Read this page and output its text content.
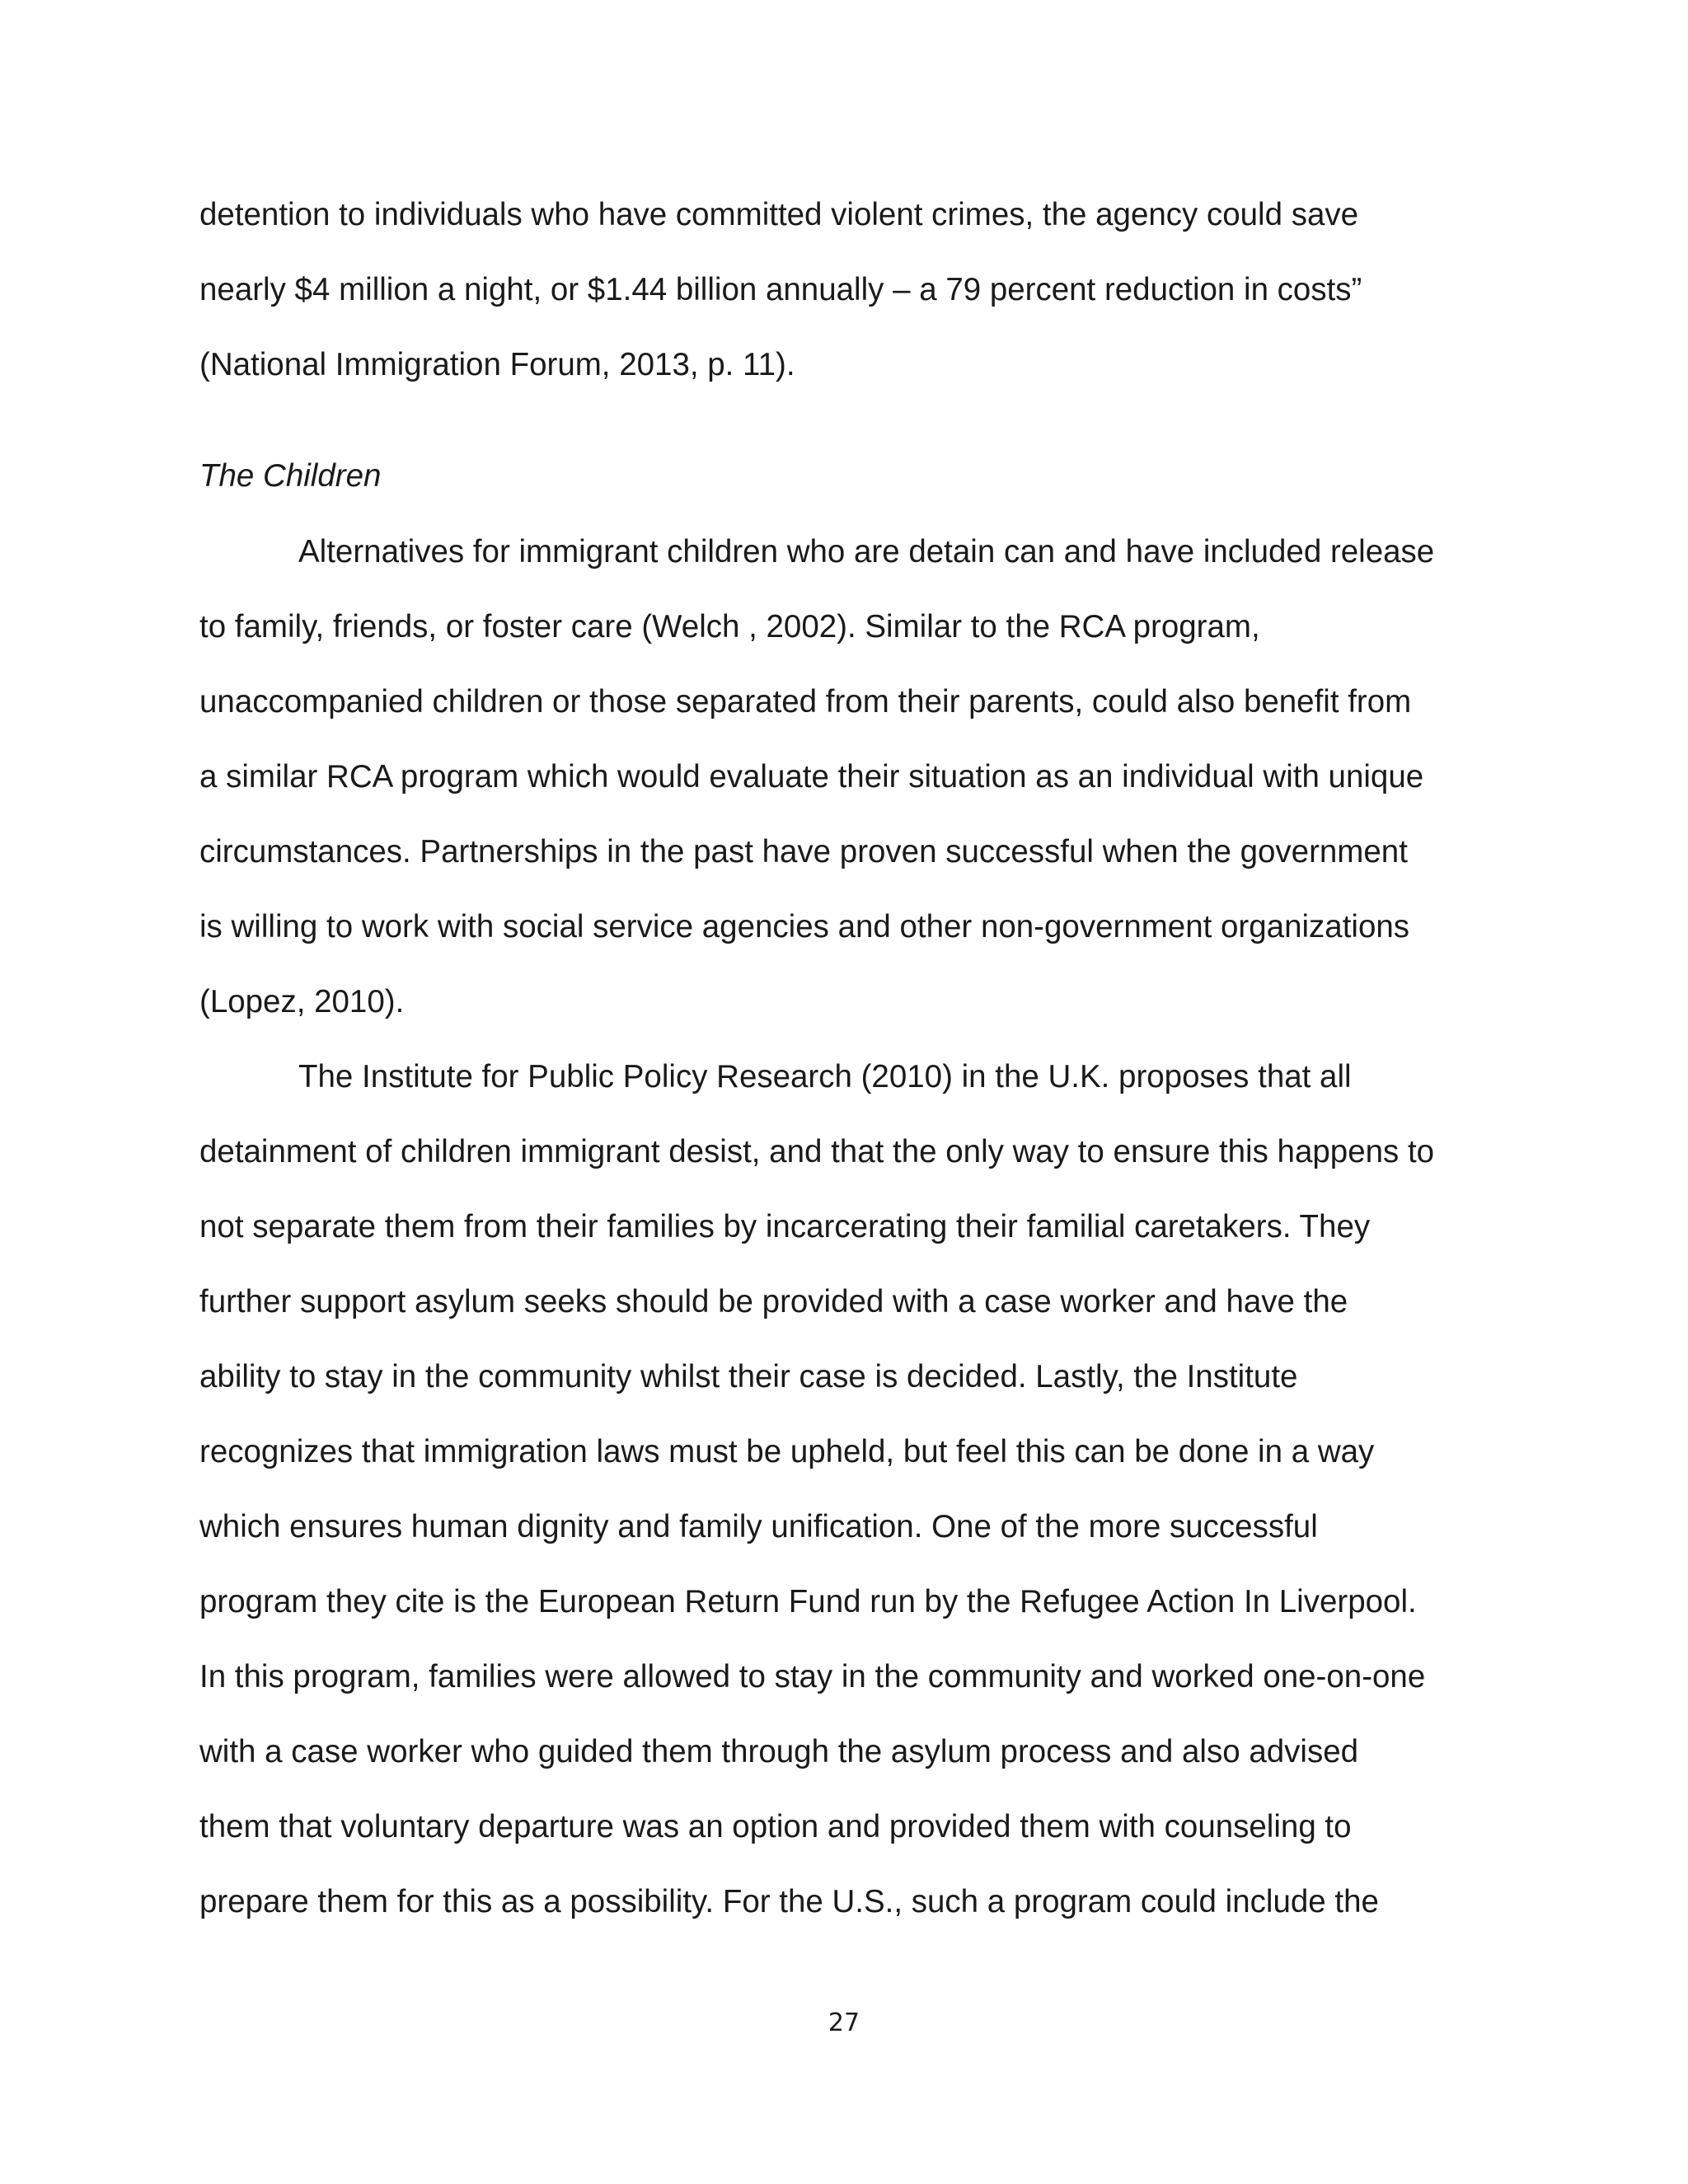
detention to individuals who have committed violent crimes, the agency could save

nearly $4 million a night, or $1.44 billion annually – a 79 percent reduction in costs”

(National Immigration Forum, 2013, p. 11).

The Children

Alternatives for immigrant children who are detain can and have included release

to family, friends, or foster care (Welch , 2002). Similar to the RCA program,

unaccompanied children or those separated from their parents, could also benefit from

a similar RCA program which would evaluate their situation as an individual with unique

circumstances. Partnerships in the past have proven successful when the government

is willing to work with social service agencies and other non-government organizations

(Lopez, 2010).

The Institute for Public Policy Research (2010) in the U.K. proposes that all

detainment of children immigrant desist, and that the only way to ensure this happens to

not separate them from their families by incarcerating their familial caretakers. They

further support asylum seeks should be provided with a case worker and have the

ability to stay in the community whilst their case is decided. Lastly, the Institute

recognizes that immigration laws must be upheld, but feel this can be done in a way

which ensures human dignity and family unification. One of the more successful

program they cite is the European Return Fund run by the Refugee Action In Liverpool.

In this program, families were allowed to stay in the community and worked one-on-one

with a case worker who guided them through the asylum process and also advised

them that voluntary departure was an option and provided them with counseling to

prepare them for this as a possibility. For the U.S., such a program could include the

27
